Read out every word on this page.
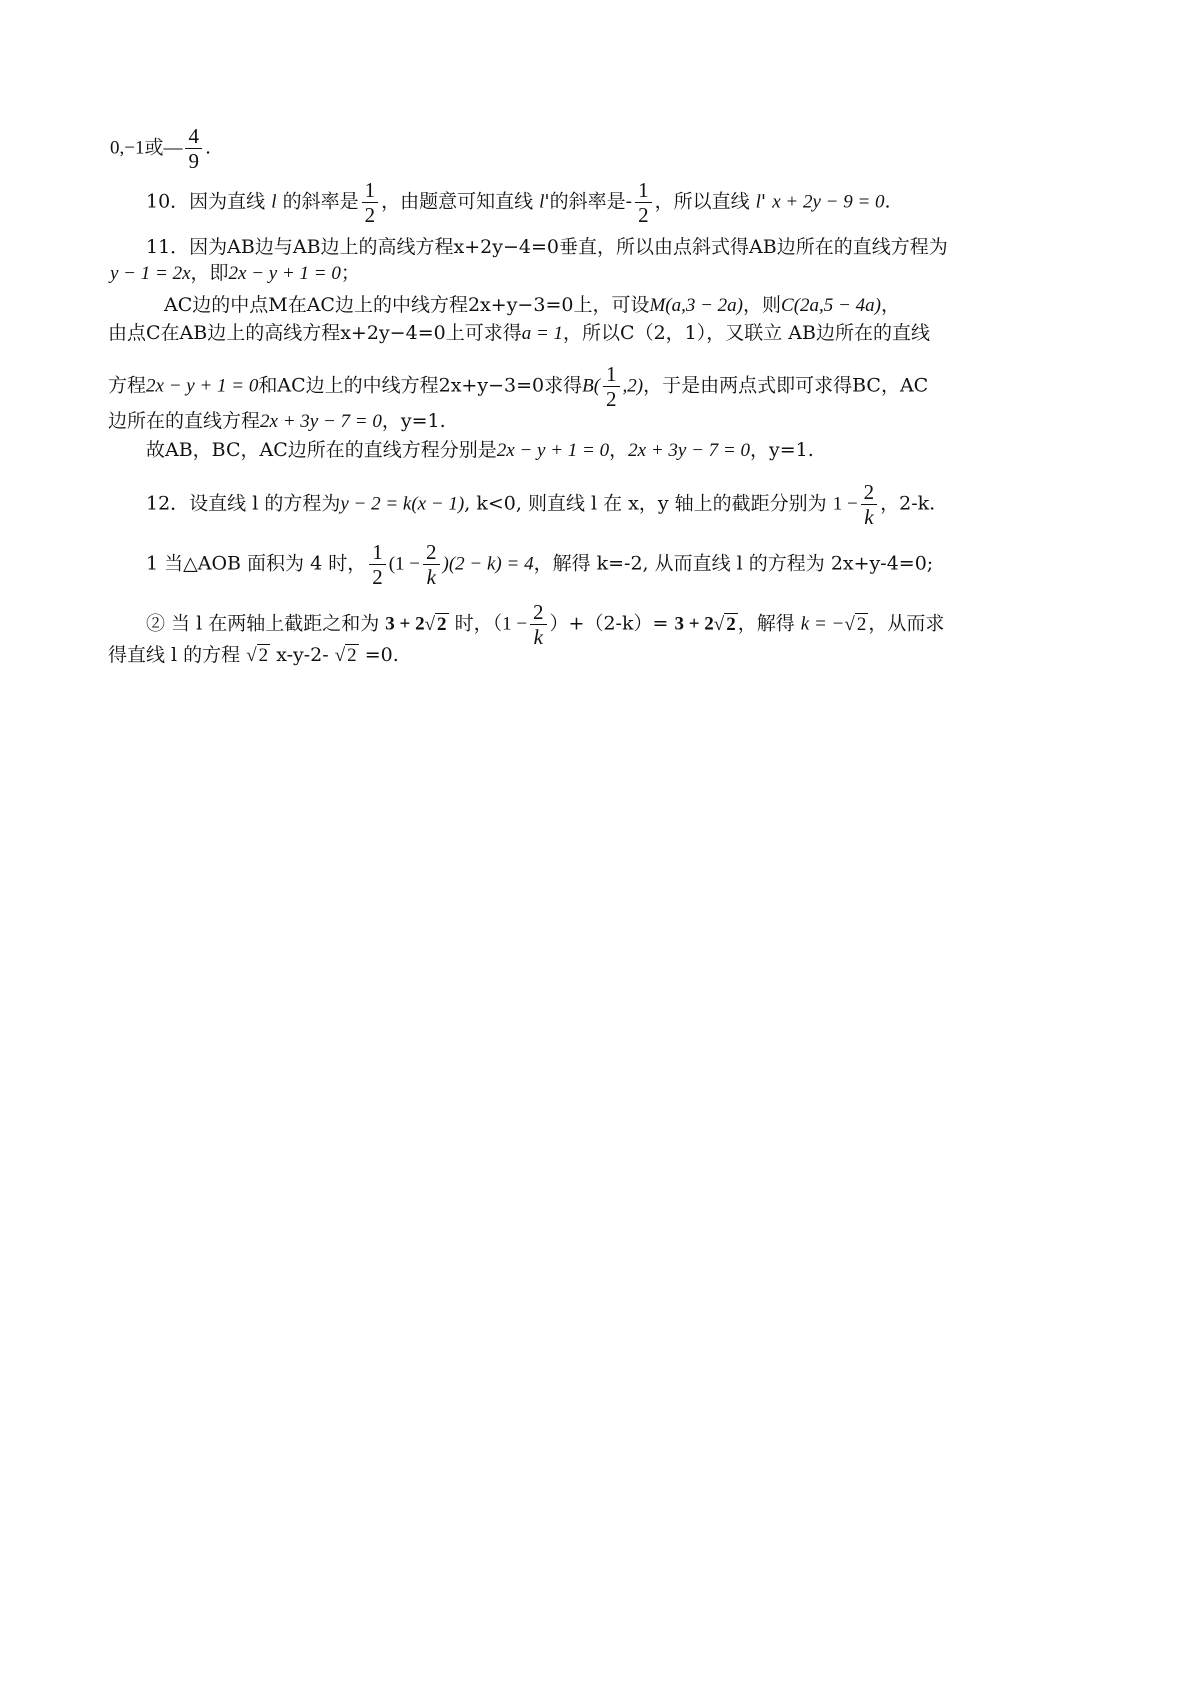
0,−1或— $\frac{4}{9}$ .
10．因为直线 l 的斜率是 $\frac{1}{2}$ ，由题意可知直线 l'的斜率是- $\frac{1}{2}$ ，所以直线 l' x + 2y − 9 = 0.
11．因为AB边与AB边上的高线方程x+2y−4=0垂直，所以由点斜式得AB边所在的直线方程为
y − 1 = 2x，即2x − y + 1 = 0；
AC边的中点M在AC边上的中线方程2x+y−3=0上，可设M(a,3 − 2a)，则C(2a,5 − 4a)，
由点C在AB边上的高线方程x+2y−4=0上可求得a = 1，所以C（2，1），又联立 AB边所在的直线
方程2x − y + 1 = 0和AC边上的中线方程2x+y−3=0求得$B( \frac{1}{2} ,2)$，于是由两点式即可求得BC，AC
边所在的直线方程2x + 3y − 7 = 0，y=1.
故AB，BC，AC边所在的直线方程分别是2x − y + 1 = 0，2x + 3y − 7 = 0，y=1.
12．设直线 l 的方程为y − 2 = k(x − 1), k<0, 则直线 l 在 x，y 轴上的截距分别为 $1 - \frac{2}{k}$ ，2-k.
1 当△AOB 面积为 4 时， $\frac{1}{2} (1 - \frac{2}{k} )(2 - k) = 4$，解得 k=-2, 从而直线 l 的方程为 2x+y-4=0;
② 当 l 在两轴上截距之和为 3 + 2√ 2 时，$(1 - \frac{2}{k} )+(2-k)= 3 + 2√$ 2 ，解得 k = −√ 2 ，从而求
得直线 l 的方程 √ 2 x-y-2- √ 2 =0.
